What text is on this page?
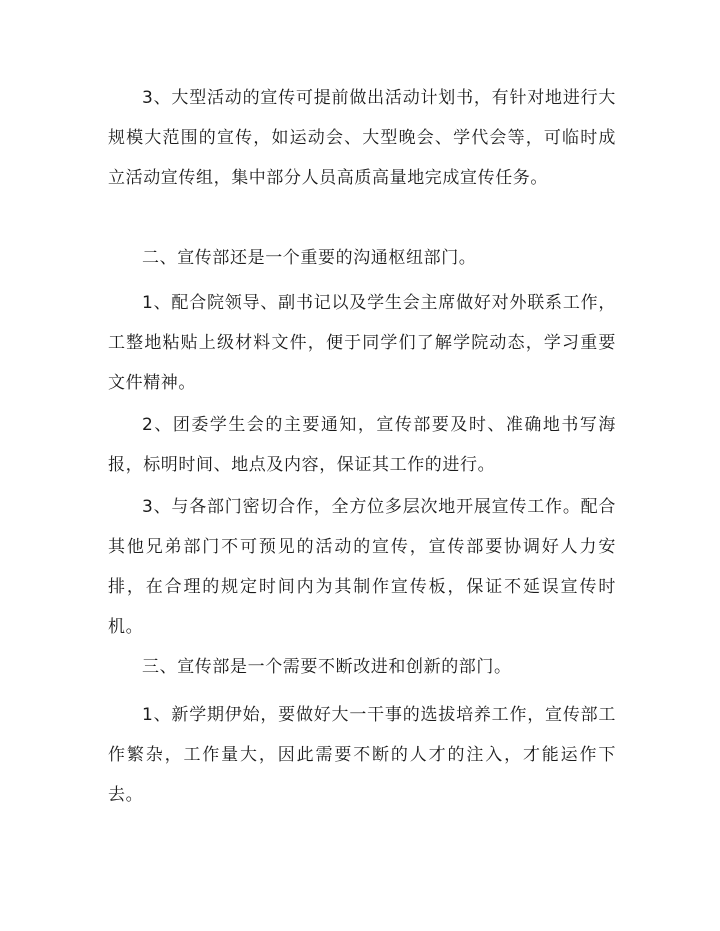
3、大型活动的宣传可提前做出活动计划书，有针对地进行大规模大范围的宣传，如运动会、大型晚会、学代会等，可临时成立活动宣传组，集中部分人员高质高量地完成宣传任务。

二、宣传部还是一个重要的沟通枢纽部门。

1、配合院领导、副书记以及学生会主席做好对外联系工作，工整地粘贴上级材料文件，便于同学们了解学院动态，学习重要文件精神。

2、团委学生会的主要通知，宣传部要及时、准确地书写海报，标明时间、地点及内容，保证其工作的进行。

3、与各部门密切合作，全方位多层次地开展宣传工作。配合其他兄弟部门不可预见的活动的宣传，宣传部要协调好人力安排，在合理的规定时间内为其制作宣传板，保证不延误宣传时机。

三、宣传部是一个需要不断改进和创新的部门。

1、新学期伊始，要做好大一干事的选拔培养工作，宣传部工作繁杂，工作量大，因此需要不断的人才的注入，才能运作下去。
